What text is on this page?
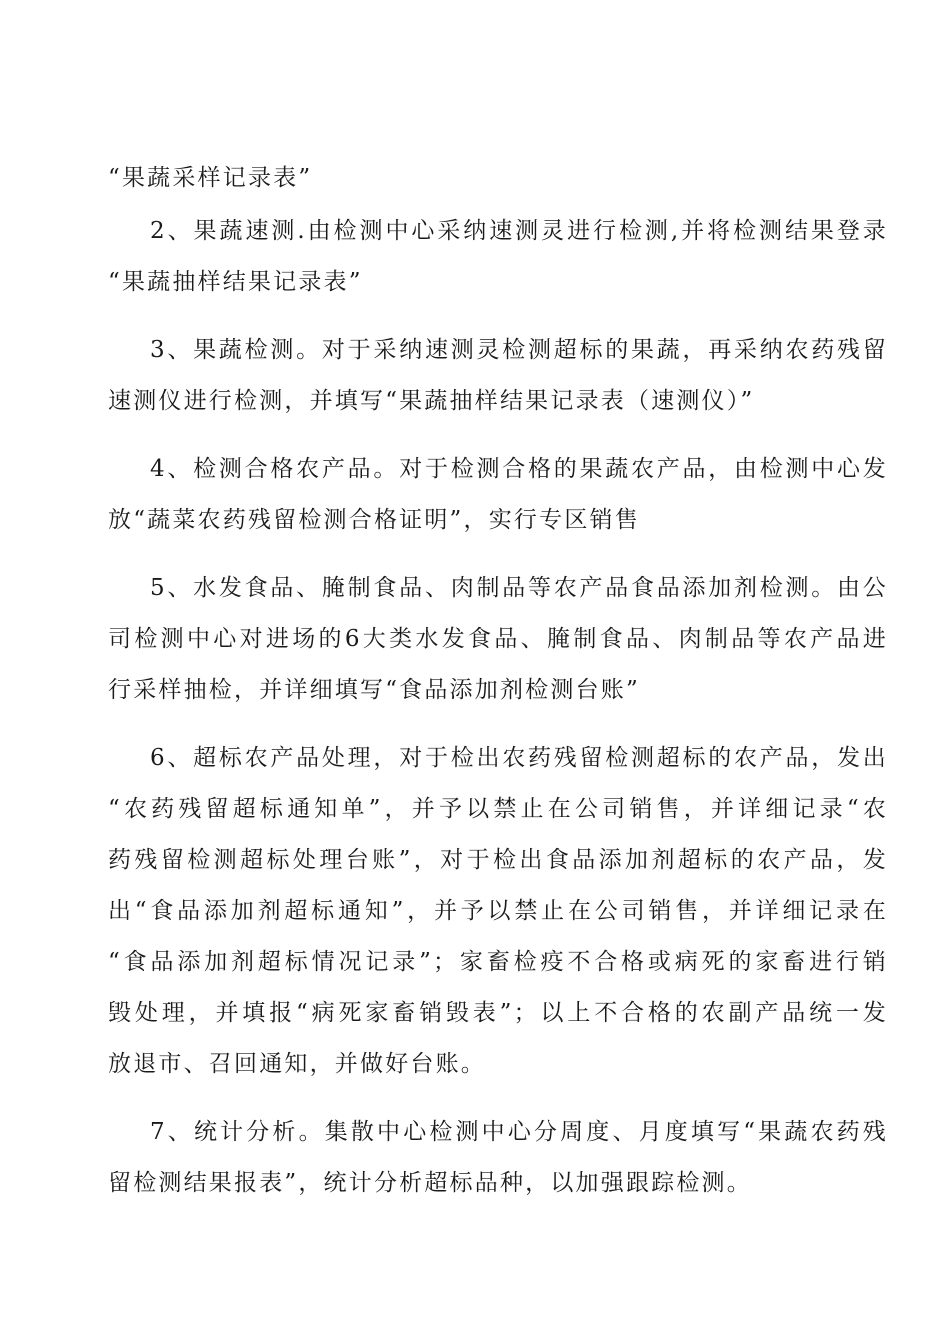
“果蔬采样记录表”
2、果蔬速测.由检测中心采纳速测灵进行检测,并将检测结果登录
“果蔬抽样结果记录表”
3、果蔬检测。对于采纳速测灵检测超标的果蔬，再采纳农药残留
速测仪进行检测，并填写“果蔬抽样结果记录表（速测仪）”
4、检测合格农产品。对于检测合格的果蔬农产品，由检测中心发
放“蔬菜农药残留检测合格证明”，实行专区销售
5、水发食品、腌制食品、肉制品等农产品食品添加剂检测。由公
司检测中心对进场的6大类水发食品、腌制食品、肉制品等农产品进
行采样抽检，并详细填写“食品添加剂检测台账”
6、超标农产品处理，对于检出农药残留检测超标的农产品，发出
“农药残留超标通知单”，并予以禁止在公司销售，并详细记录“农
药残留检测超标处理台账”，对于检出食品添加剂超标的农产品，发
出“食品添加剂超标通知”，并予以禁止在公司销售，并详细记录在
“食品添加剂超标情况记录”；家畜检疫不合格或病死的家畜进行销
毁处理，并填报“病死家畜销毁表”；以上不合格的农副产品统一发
放退市、召回通知，并做好台账。
7、统计分析。集散中心检测中心分周度、月度填写“果蔬农药残
留检测结果报表”，统计分析超标品种，以加强跟踪检测。
